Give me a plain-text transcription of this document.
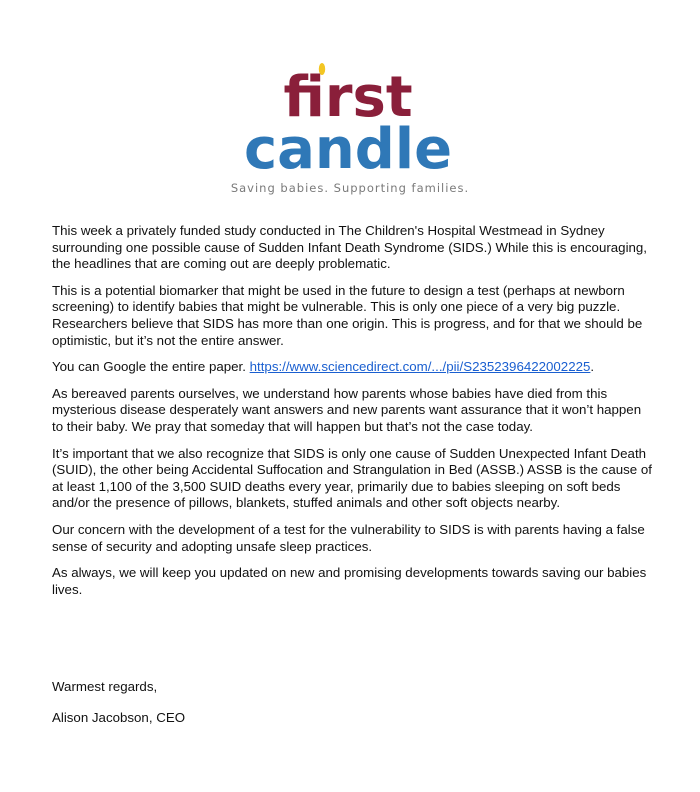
first
candle
Saving babies. Supporting families.

This week a privately funded study conducted in The Children's Hospital Westmead in Sydney surrounding one possible cause of Sudden Infant Death Syndrome (SIDS.) While this is encouraging, the headlines that are coming out are deeply problematic.

This is a potential biomarker that might be used in the future to design a test (perhaps at newborn screening) to identify babies that might be vulnerable. This is only one piece of a very big puzzle. Researchers believe that SIDS has more than one origin. This is progress, and for that we should be optimistic, but it’s not the entire answer.

You can Google the entire paper. https://www.sciencedirect.com/.../pii/S2352396422002225.

As bereaved parents ourselves, we understand how parents whose babies have died from this mysterious disease desperately want answers and new parents want assurance that it won’t happen to their baby. We pray that someday that will happen but that’s not the case today.

It’s important that we also recognize that SIDS is only one cause of Sudden Unexpected Infant Death (SUID), the other being Accidental Suffocation and Strangulation in Bed (ASSB.) ASSB is the cause of at least 1,100 of the 3,500 SUID deaths every year, primarily due to babies sleeping on soft beds and/or the presence of pillows, blankets, stuffed animals and other soft objects nearby.

Our concern with the development of a test for the vulnerability to SIDS is with parents having a false sense of security and adopting unsafe sleep practices.

As always, we will keep you updated on new and promising developments towards saving our babies lives.

Warmest regards,

Alison Jacobson, CEO
